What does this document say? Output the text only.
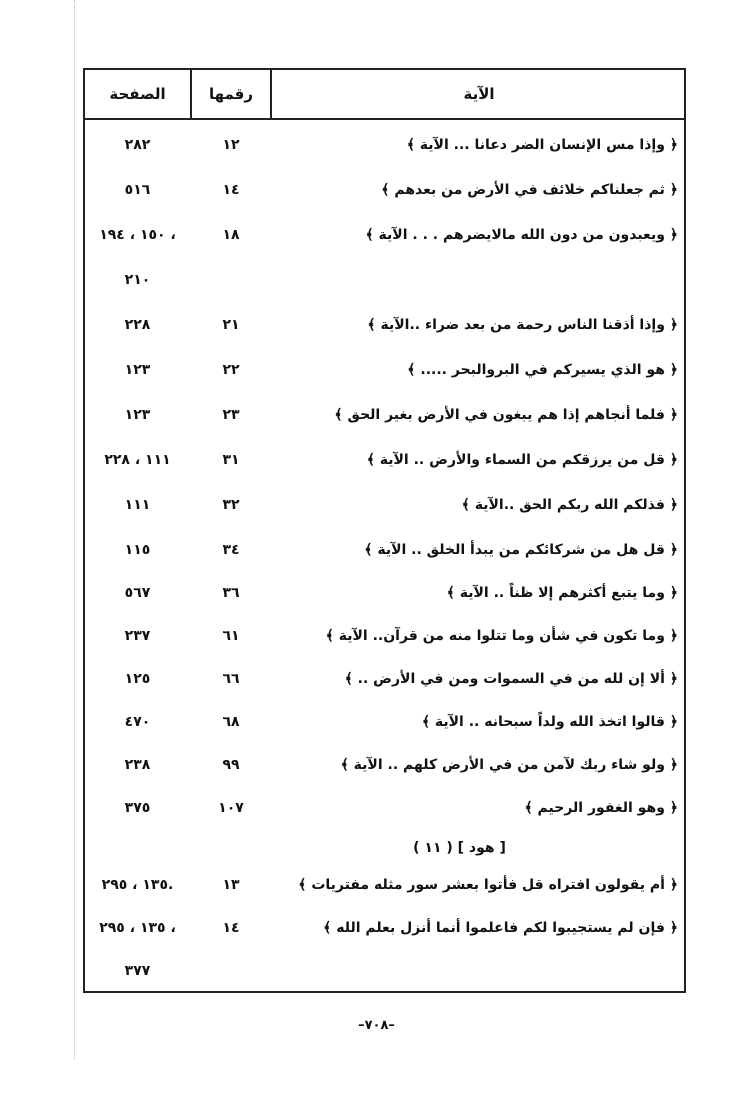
الصفحة	رقمها	الآية
٢٨٢	١٢	﴿ وإذا مس الإنسان الضر دعانا ... الآية ﴾
٥١٦	١٤	﴿ ثم جعلناكم خلائف في الأرض من بعدهم ﴾
١٥٠ ، ١٩٤ ،	١٨	﴿ ويعبدون من دون الله مالايضرهم . . . الآية ﴾
٢١٠
٢٢٨	٢١	﴿ وإذا أذقنا الناس رحمة من بعد ضراء ..الآية ﴾
١٢٣	٢٢	﴿ هو الذي يسيركم في البروالبحر ..... ﴾
١٢٣	٢٣	﴿ فلما أنجاهم إذا هم يبغون في الأرض بغير الحق ﴾
١١١ ، ٢٢٨	٣١	﴿ قل من يرزقكم من السماء والأرض .. الآية ﴾
١١١	٣٢	﴿ فذلكم الله ربكم الحق ..الآية ﴾
١١٥	٣٤	﴿ قل هل من شركائكم من يبدأ الخلق .. الآية ﴾
٥٦٧	٣٦	﴿ وما يتبع أكثرهم إلا ظناً .. الآية ﴾
٢٣٧	٦١	﴿ وما تكون في شأن وما تتلوا منه من قرآن.. الآية ﴾
١٢٥	٦٦	﴿ ألا إن لله من في السموات ومن في الأرض .. ﴾
٤٧٠	٦٨	﴿ قالوا اتخذ الله ولداً سبحانه .. الآية ﴾
٢٣٨	٩٩	﴿ ولو شاء ربك لآمن من في الأرض كلهم .. الآية ﴾
٣٧٥	١٠٧	﴿ وهو الغفور الرحيم ﴾
[ هود ] ( ١١ )
١٣٥ ، ٢٩٥.	١٣	﴿ أم يقولون افتراه قل فأتوا بعشر سور مثله مفتريات ﴾
١٣٥ ، ٢٩٥ ،	١٤	﴿ فإن لم يستجيبوا لكم فاعلموا أنما أنزل بعلم الله ﴾
٣٧٧
–٧٠٨–
